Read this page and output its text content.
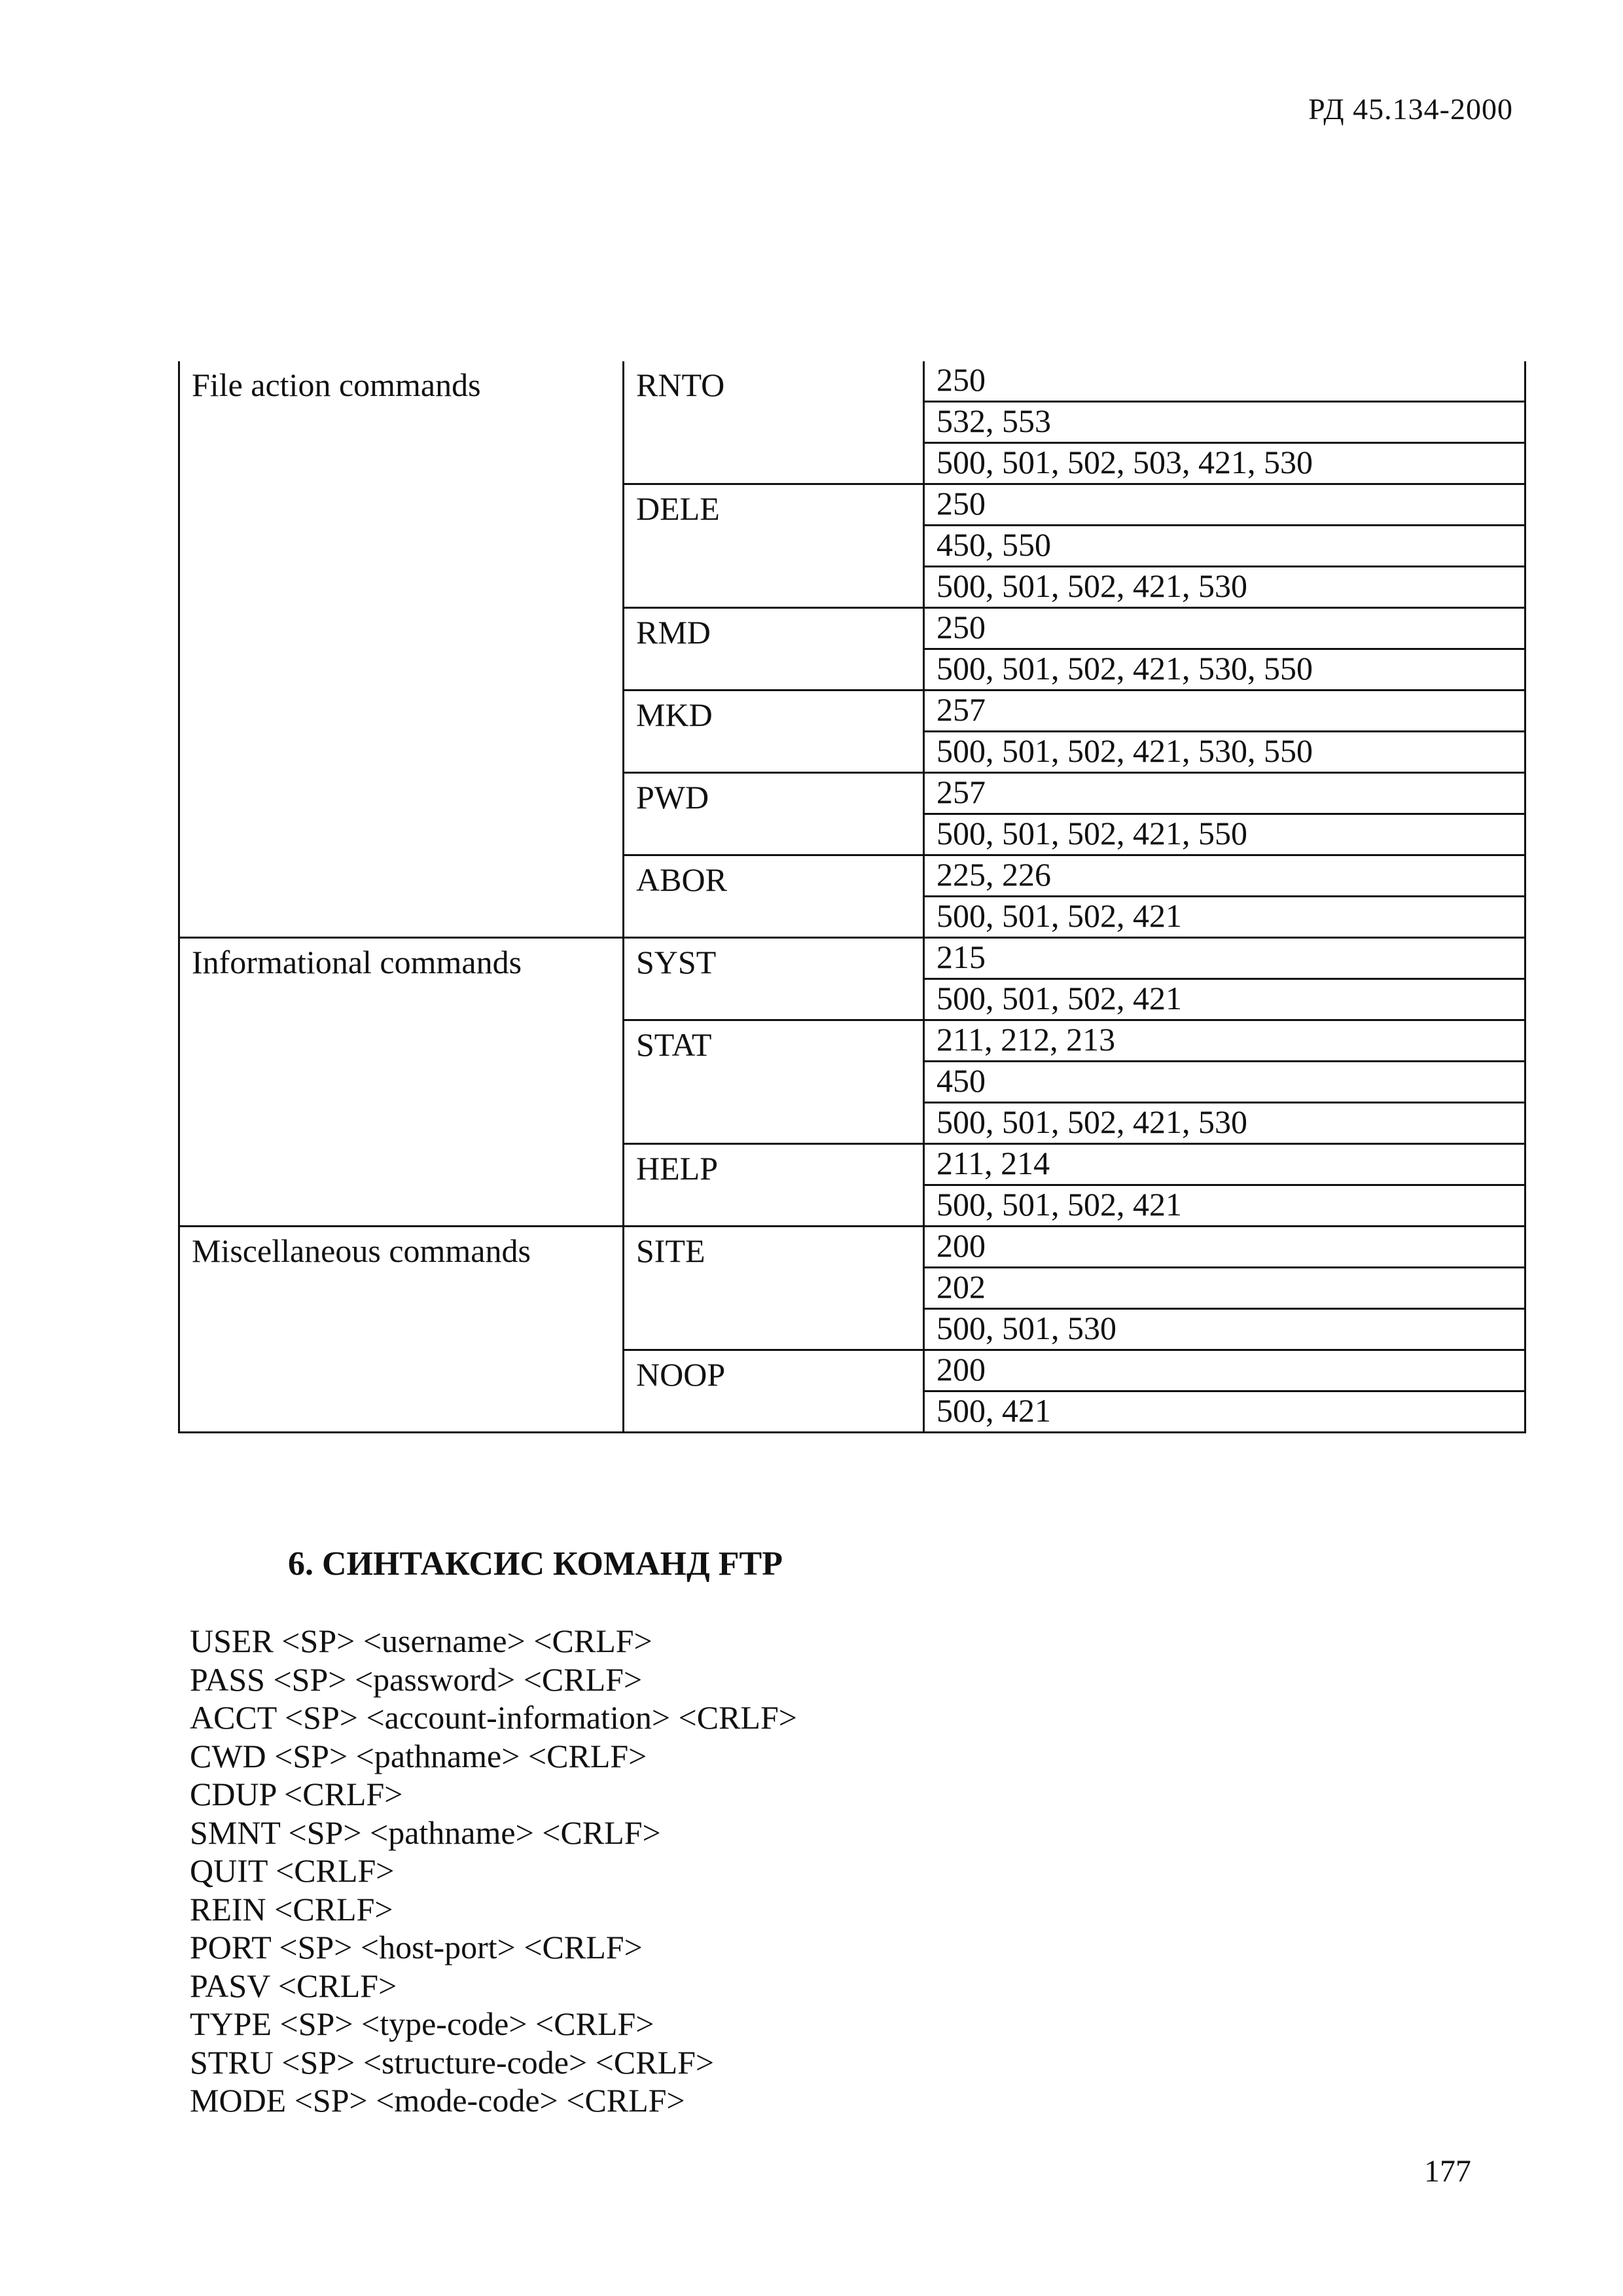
РД 45.134-2000
File action commands	RNTO	250
		532, 553
		500, 501, 502, 503, 421, 530
	DELE	250
		450, 550
		500, 501, 502, 421, 530
	RMD	250
		500, 501, 502, 421, 530, 550
	MKD	257
		500, 501, 502, 421, 530, 550
	PWD	257
		500, 501, 502, 421, 550
	ABOR	225, 226
		500, 501, 502, 421
Informational commands	SYST	215
		500, 501, 502, 421
	STAT	211, 212, 213
		450
		500, 501, 502, 421, 530
	HELP	211, 214
		500, 501, 502, 421
Miscellaneous commands	SITE	200
		202
		500, 501, 530
	NOOP	200
		500, 421
6. СИНТАКСИС КОМАНД FTP
USER <SP> <username> <CRLF>
PASS <SP> <password> <CRLF>
ACCT <SP> <account-information> <CRLF>
CWD <SP> <pathname> <CRLF>
CDUP <CRLF>
SMNT <SP> <pathname> <CRLF>
QUIT <CRLF>
REIN <CRLF>
PORT <SP> <host-port> <CRLF>
PASV <CRLF>
TYPE <SP> <type-code> <CRLF>
STRU <SP> <structure-code> <CRLF>
MODE <SP> <mode-code> <CRLF>
177
